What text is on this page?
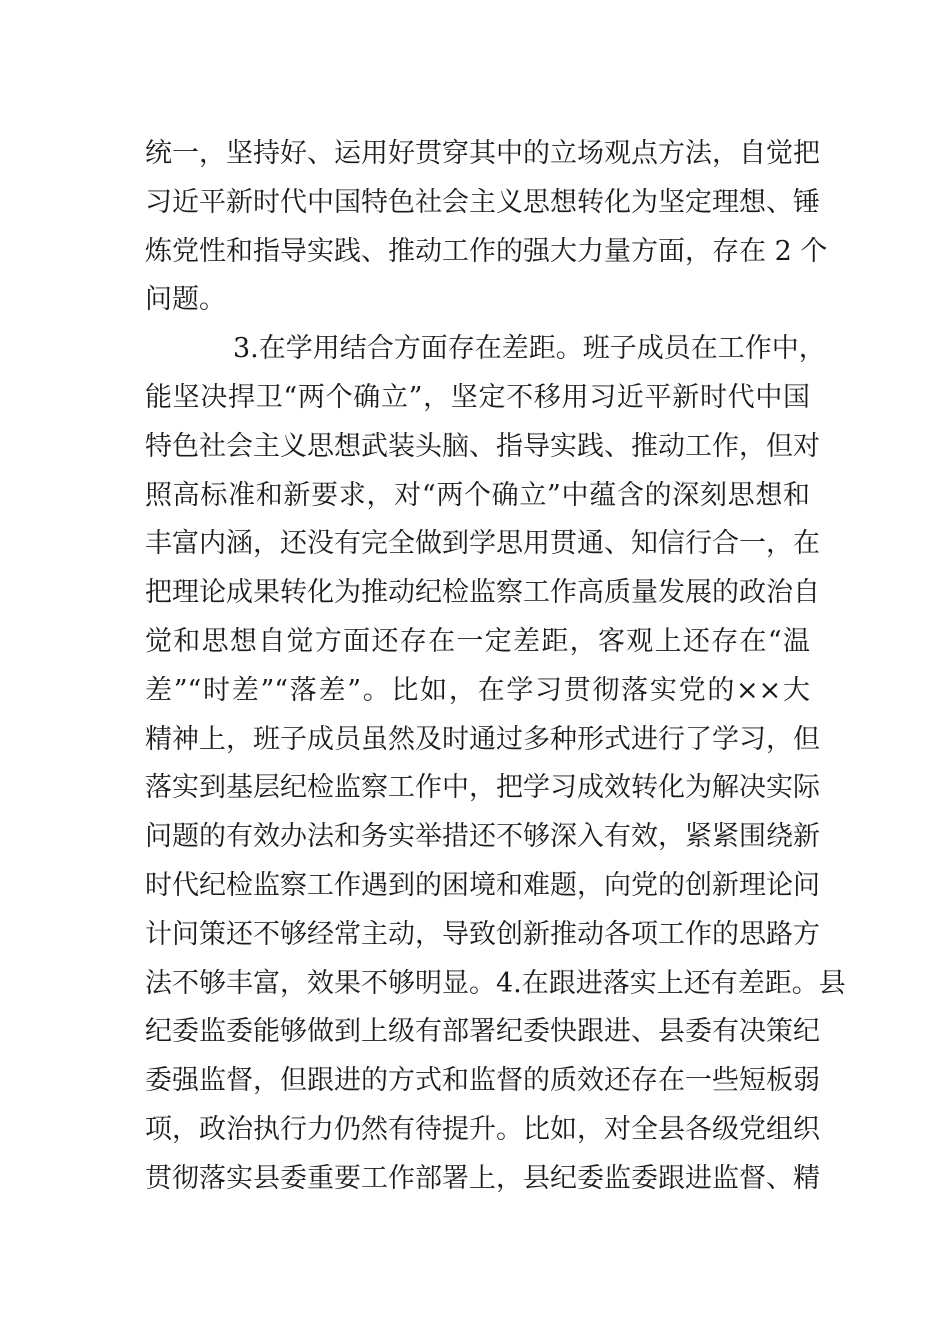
统一，坚持好、运用好贯穿其中的立场观点方法，自觉把
习近平新时代中国特色社会主义思想转化为坚定理想、锤
炼党性和指导实践、推动工作的强大力量方面，存在 2 个
问题。
3.在学用结合方面存在差距。班子成员在工作中，
能坚决捍卫“两个确立”，坚定不移用习近平新时代中国
特色社会主义思想武装头脑、指导实践、推动工作，但对
照高标准和新要求，对“两个确立”中蕴含的深刻思想和
丰富内涵，还没有完全做到学思用贯通、知信行合一，在
把理论成果转化为推动纪检监察工作高质量发展的政治自
觉和思想自觉方面还存在一定差距，客观上还存在“温
差”“时差”“落差”。比如，在学习贯彻落实党的××大
精神上，班子成员虽然及时通过多种形式进行了学习，但
落实到基层纪检监察工作中，把学习成效转化为解决实际
问题的有效办法和务实举措还不够深入有效，紧紧围绕新
时代纪检监察工作遇到的困境和难题，向党的创新理论问
计问策还不够经常主动，导致创新推动各项工作的思路方
法不够丰富，效果不够明显。4.在跟进落实上还有差距。县
纪委监委能够做到上级有部署纪委快跟进、县委有决策纪
委强监督，但跟进的方式和监督的质效还存在一些短板弱
项，政治执行力仍然有待提升。比如，对全县各级党组织
贯彻落实县委重要工作部署上，县纪委监委跟进监督、精
